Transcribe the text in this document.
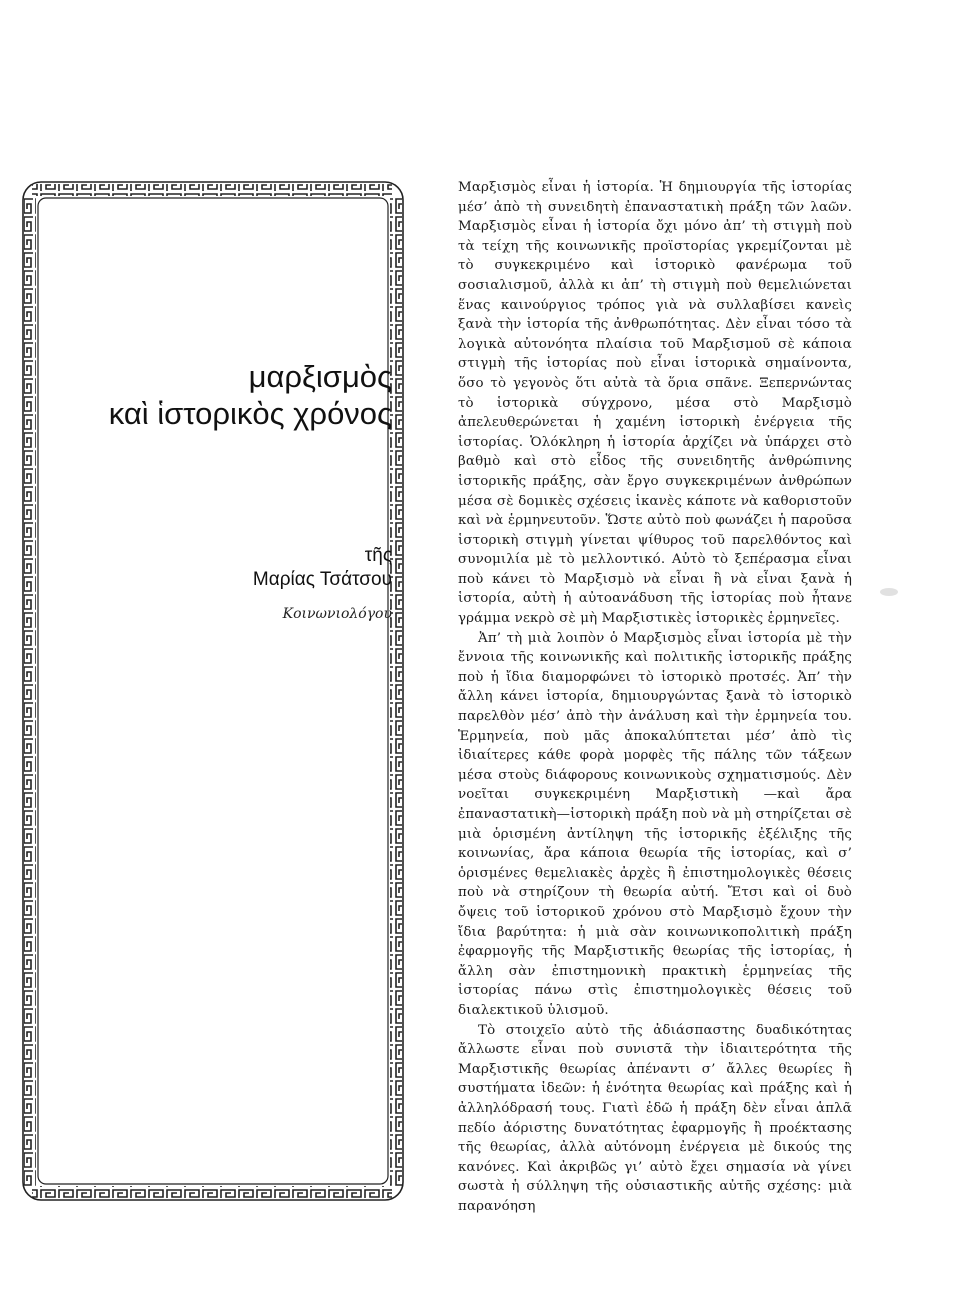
μαρξισμὸς
καὶ ἱστορικὸς χρόνος
τῆς
Μαρίας Τσάτσου
Κοινωνιολόγου

Μαρξισμὸς εἶναι ἡ ἱστορία. Ἡ δημιουργία τῆς ἱστορίας μέσ’ ἀπὸ τὴ συνειδητὴ ἐπαναστατικὴ πράξη τῶν λαῶν. Μαρξισμὸς εἶναι ἡ ἱστορία ὄχι μόνο ἀπ’ τὴ στιγμὴ ποὺ τὰ τείχη τῆς κοινωνικῆς προϊστορίας γκρεμίζονται μὲ τὸ συγκεκριμένο καὶ ἱστορικὸ φανέρωμα τοῦ σοσιαλισμοῦ, ἀλλὰ κι ἀπ’ τὴ στιγμὴ ποὺ θεμελιώνεται ἕνας καινούργιος τρόπος γιὰ νὰ συλλαβίσει κανεὶς ξανὰ τὴν ἱστορία τῆς ἀνθρωπότητας. Δὲν εἶναι τόσο τὰ λογικὰ αὐτονόητα πλαίσια τοῦ Μαρξισμοῦ σὲ κάποια στιγμὴ τῆς ἱστορίας ποὺ εἶναι ἱστορικὰ σημαίνοντα, ὅσο τὸ γεγονὸς ὅτι αὐτὰ τὰ ὅρια σπᾶνε. Ξεπερνώντας τὸ ἱστορικὰ σύγχρονο, μέσα στὸ Μαρξισμὸ ἀπελευθερώνεται ἡ χαμένη ἱστορικὴ ἐνέργεια τῆς ἱστορίας. Ὁλόκληρη ἡ ἱστορία ἀρχίζει νὰ ὑπάρχει στὸ βαθμὸ καὶ στὸ εἶδος τῆς συνειδητῆς ἀνθρώπινης ἱστορικῆς πράξης, σὰν ἔργο συγκεκριμένων ἀνθρώπων μέσα σὲ δομικὲς σχέσεις ἱκανὲς κάποτε νὰ καθοριστοῦν καὶ νὰ ἑρμηνευτοῦν. Ὥστε αὐτὸ ποὺ φωνάζει ἡ παροῦσα ἱστορικὴ στιγμὴ γίνεται ψίθυρος τοῦ παρελθόντος καὶ συνομιλία μὲ τὸ μελλοντικό. Αὐτὸ τὸ ξεπέρασμα εἶναι ποὺ κάνει τὸ Μαρξισμὸ νὰ εἶναι ἢ νὰ εἶναι ξανὰ ἡ ἱστορία, αὐτὴ ἡ αὐτοανάδυση τῆς ἱστορίας ποὺ ἦτανε γράμμα νεκρὸ σὲ μὴ Μαρξιστικὲς ἱστορικὲς ἑρμηνεῖες.

Ἀπ’ τὴ μιὰ λοιπὸν ὁ Μαρξισμὸς εἶναι ἱστορία μὲ τὴν ἔννοια τῆς κοινωνικῆς καὶ πολιτικῆς ἱστορικῆς πράξης ποὺ ἡ ἴδια διαμορφώνει τὸ ἱστορικὸ προτσές. Ἀπ’ τὴν ἄλλη κάνει ἱστορία, δημιουργώντας ξανὰ τὸ ἱστορικὸ παρελθὸν μέσ’ ἀπὸ τὴν ἀνάλυση καὶ τὴν ἑρμηνεία του. Ἑρμηνεία, ποὺ μᾶς ἀποκαλύπτεται μέσ’ ἀπὸ τὶς ἰδιαίτερες κάθε φορὰ μορφὲς τῆς πάλης τῶν τάξεων μέσα στοὺς διάφορους κοινωνικοὺς σχηματισμούς. Δὲν νοεῖται συγκεκριμένη Μαρξιστικὴ —καὶ ἄρα ἐπαναστατικὴ—ἱστορικὴ πράξη ποὺ νὰ μὴ στηρίζεται σὲ μιὰ ὁρισμένη ἀντίληψη τῆς ἱστορικῆς ἐξέλιξης τῆς κοινωνίας, ἄρα κάποια θεωρία τῆς ἱστορίας, καὶ σ’ ὁρισμένες θεμελιακὲς ἀρχὲς ἢ ἐπιστημολογικὲς θέσεις ποὺ νὰ στηρίζουν τὴ θεωρία αὐτή. Ἔτσι καὶ οἱ δυὸ ὄψεις τοῦ ἱστορικοῦ χρόνου στὸ Μαρξισμὸ ἔχουν τὴν ἴδια βαρύτητα: ἡ μιὰ σὰν κοινωνικοπολιτικὴ πράξη ἐφαρμογῆς τῆς Μαρξιστικῆς θεωρίας τῆς ἱστορίας, ἡ ἄλλη σὰν ἐπιστημονικὴ πρακτικὴ ἑρμηνείας τῆς ἱστορίας πάνω στὶς ἐπιστημολογικὲς θέσεις τοῦ διαλεκτικοῦ ὑλισμοῦ.

Τὸ στοιχεῖο αὐτὸ τῆς ἀδιάσπαστης δυαδικότητας ἄλλωστε εἶναι ποὺ συνιστᾶ τὴν ἰδιαιτερότητα τῆς Μαρξιστικῆς θεωρίας ἀπέναντι σ’ ἄλλες θεωρίες ἢ συστήματα ἰδεῶν: ἡ ἑνότητα θεωρίας καὶ πράξης καὶ ἡ ἀλληλόδρασή τους. Γιατὶ ἐδῶ ἡ πράξη δὲν εἶναι ἁπλᾶ πεδίο ἀόριστης δυνατότητας ἐφαρμογῆς ἢ προέκτασης τῆς θεωρίας, ἀλλὰ αὐτόνομη ἐνέργεια μὲ δικούς της κανόνες. Καὶ ἀκριβῶς γι’ αὐτὸ ἔχει σημασία νὰ γίνει σωστὰ ἡ σύλληψη τῆς οὐσιαστικῆς αὐτῆς σχέσης: μιὰ παρανόηση
